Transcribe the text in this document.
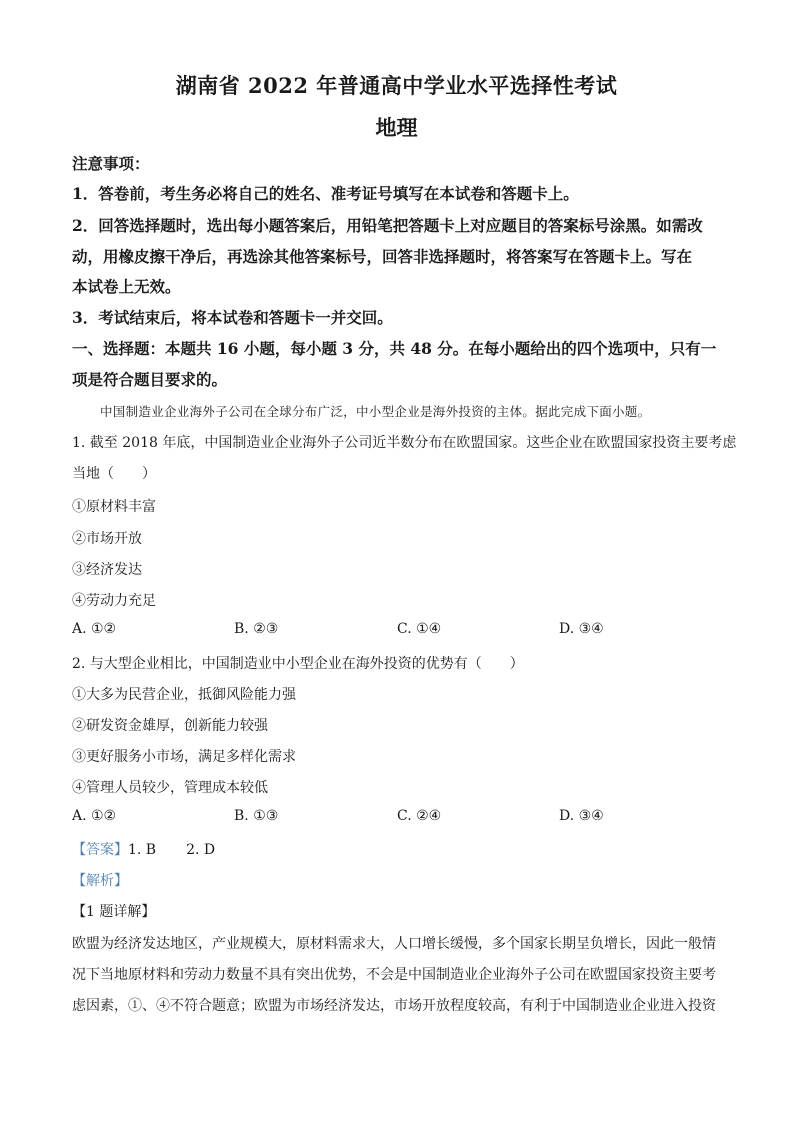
湖南省 2022 年普通高中学业水平选择性考试
地理
注意事项：
1．答卷前，考生务必将自己的姓名、准考证号填写在本试卷和答题卡上。
2．回答选择题时，选出每小题答案后，用铅笔把答题卡上对应题目的答案标号涂黑。如需改
动，用橡皮擦干净后，再选涂其他答案标号，回答非选择题时，将答案写在答题卡上。写在
本试卷上无效。
3．考试结束后，将本试卷和答题卡一并交回。
一、选择题：本题共 16 小题，每小题 3 分，共 48 分。在每小题给出的四个选项中，只有一
项是符合题目要求的。
中国制造业企业海外子公司在全球分布广泛，中小型企业是海外投资的主体。据此完成下面小题。
1. 截至 2018 年底，中国制造业企业海外子公司近半数分布在欧盟国家。这些企业在欧盟国家投资主要考虑
当地（　　）
①原材料丰富
②市场开放
③经济发达
④劳动力充足
A. ①②	B. ②③	C. ①④	D. ③④
2. 与大型企业相比，中国制造业中小型企业在海外投资的优势有（　　）
①大多为民营企业，抵御风险能力强
②研发资金雄厚，创新能力较强
③更好服务小市场，满足多样化需求
④管理人员较少，管理成本较低
A. ①②	B. ①③	C. ②④	D. ③④
【答案】1. B 2. D
【解析】
【1 题详解】
欧盟为经济发达地区，产业规模大，原材料需求大，人口增长缓慢，多个国家长期呈负增长，因此一般情
况下当地原材料和劳动力数量不具有突出优势，不会是中国制造业企业海外子公司在欧盟国家投资主要考
虑因素，①、④不符合题意；欧盟为市场经济发达，市场开放程度较高，有利于中国制造业企业进入投资
